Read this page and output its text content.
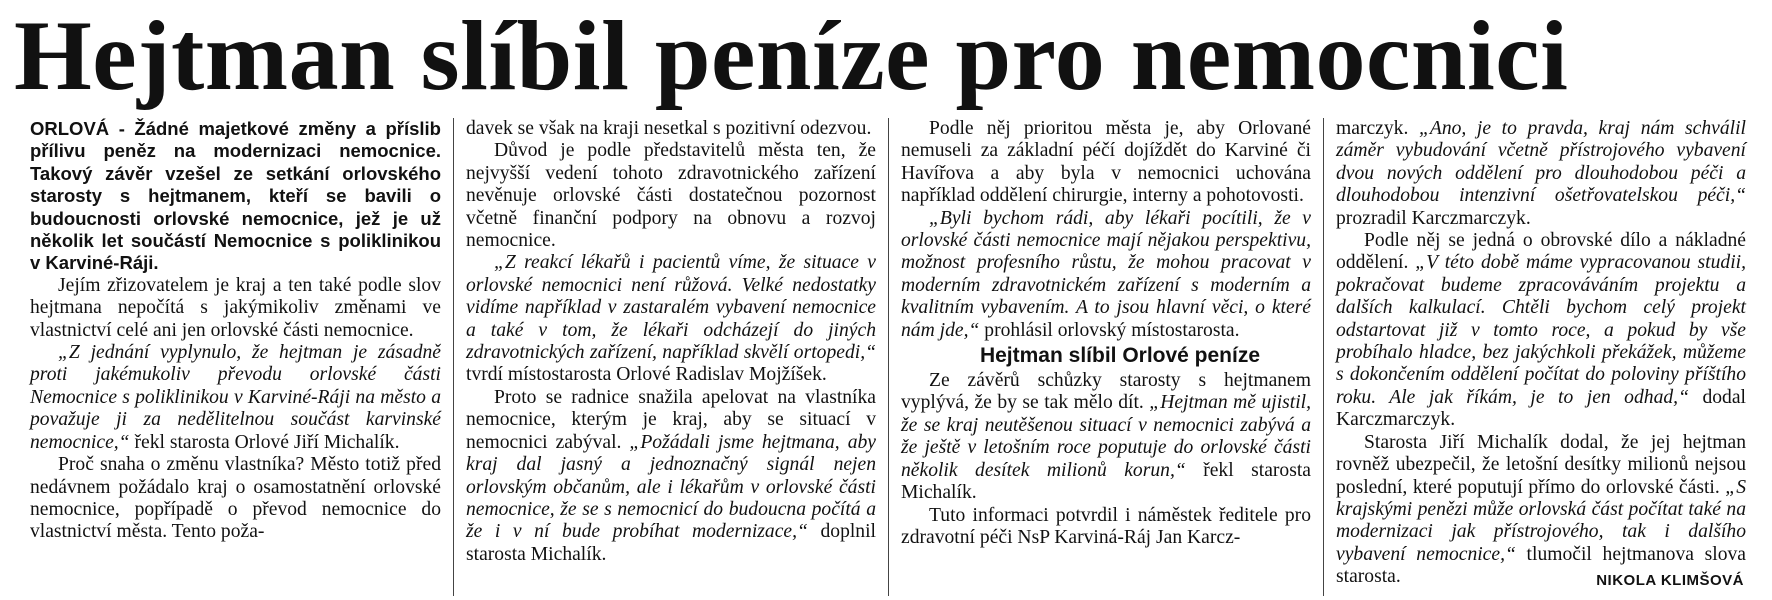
Hejtman slíbil peníze pro nemocnici

ORLOVÁ - Žádné majetkové změny a příslib přílivu peněz na modernizaci nemocnice. Takový závěr vzešel ze setkání orlovského starosty s hejtmanem, kteří se bavili o budoucnosti orlovské nemocnice, jež je už několik let součástí Nemocnice s poliklinikou v Karviné-Ráji.

Jejím zřizovatelem je kraj a ten také podle slov hejtmana nepočítá s jakýmikoliv změnami ve vlastnictví celé ani jen orlovské části nemocnice.

„Z jednání vyplynulo, že hejtman je zásadně proti jakémukoliv převodu orlovské části Nemocnice s poliklinikou v Karviné-Ráji na město a považuje ji za nedělitelnou součást karvinské nemocnice,“ řekl starosta Orlové Jiří Michalík.

Proč snaha o změnu vlastníka? Město totiž před nedávnem požádalo kraj o osamostatnění orlovské nemocnice, popřípadě o převod nemocnice do vlastnictví města. Tento poža-

davek se však na kraji nesetkal s pozitivní odezvou.

Důvod je podle představitelů města ten, že nejvyšší vedení tohoto zdravotnického zařízení nevěnuje orlovské části dostatečnou pozornost včetně finanční podpory na obnovu a rozvoj nemocnice.

„Z reakcí lékařů i pacientů víme, že situace v orlovské nemocnici není růžová. Velké nedostatky vidíme například v zastaralém vybavení nemocnice a také v tom, že lékaři odcházejí do jiných zdravotnických zařízení, například skvělí ortopedi,“ tvrdí místostarosta Orlové Radislav Mojžíšek.

Proto se radnice snažila apelovat na vlastníka nemocnice, kterým je kraj, aby se situací v nemocnici zabýval. „Požádali jsme hejtmana, aby kraj dal jasný a jednoznačný signál nejen orlovským občanům, ale i lékařům v orlovské části nemocnice, že se s nemocnicí do budoucna počítá a že i v ní bude probíhat modernizace,“ doplnil starosta Michalík.

Podle něj prioritou města je, aby Orlované nemuseli za základní péčí dojíždět do Karviné či Havířova a aby byla v nemocnici uchována například oddělení chirurgie, interny a pohotovosti.

„Byli bychom rádi, aby lékaři pocítili, že v orlovské části nemocnice mají nějakou perspektivu, možnost profesního růstu, že mohou pracovat v moderním zdravotnickém zařízení s moderním a kvalitním vybavením. A to jsou hlavní věci, o které nám jde,“ prohlásil orlovský místostarosta.

Hejtman slíbil Orlové peníze

Ze závěrů schůzky starosty s hejtmanem vyplývá, že by se tak mělo dít. „Hejtman mě ujistil, že se kraj neutěšenou situací v nemocnici zabývá a že ještě v letošním roce poputuje do orlovské části několik desítek milionů korun,“ řekl starosta Michalík.

Tuto informaci potvrdil i náměstek ředitele pro zdravotní péči NsP Karviná-Ráj Jan Karcz-

marczyk. „Ano, je to pravda, kraj nám schválil záměr vybudování včetně přístrojového vybavení dvou nových oddělení pro dlouhodobou péči a dlouhodobou intenzivní ošetřovatelskou péči,“ prozradil Karczmarczyk.

Podle něj se jedná o obrovské dílo a nákladné oddělení. „V této době máme vypracovanou studii, pokračovat budeme zpracováváním projektu a dalších kalkulací. Chtěli bychom celý projekt odstartovat již v tomto roce, a pokud by vše probíhalo hladce, bez jakýchkoli překážek, můžeme s dokončením oddělení počítat do poloviny příštího roku. Ale jak říkám, je to jen odhad,“ dodal Karczmarczyk.

Starosta Jiří Michalík dodal, že jej hejtman rovněž ubezpečil, že letošní desítky milionů nejsou poslední, které poputují přímo do orlovské části. „S krajskými penězi může orlovská část počítat také na modernizaci jak přístrojového, tak i dalšího vybavení nemocnice,“ tlumočil hejtmanova slova starosta.	NIKOLA KLIMŠOVÁ
